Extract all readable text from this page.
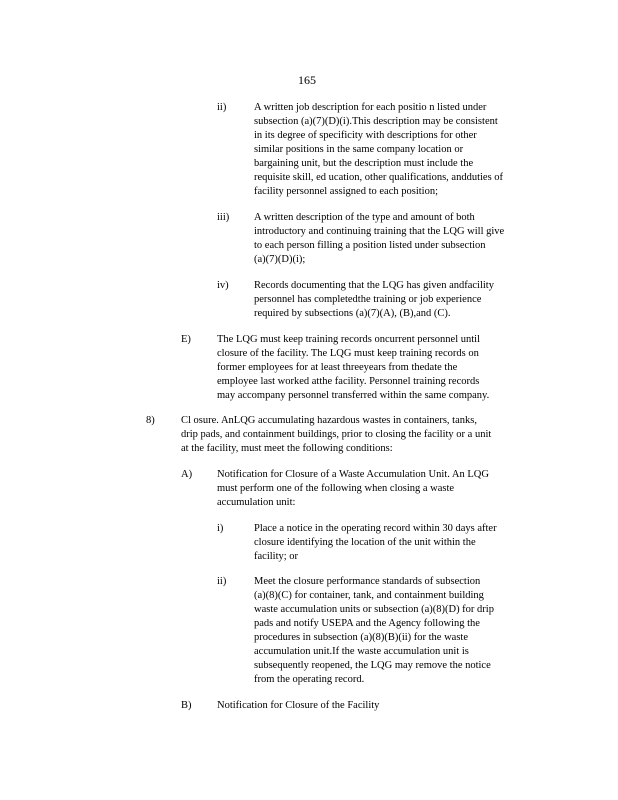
165
ii)	A written job description for each positio n listed under
subsection (a)(7)(D)(i).This description may be consistent
in its degree of specificity with descriptions for other
similar positions in the same company location or
bargaining unit, but the description must include the
requisite skill, ed ucation, other qualifications, andduties of
facility personnel assigned to each position;
iii) A written description of the type and amount of both
introductory and continuing training that the LQG will give
to each person filling a position listed under subsection
(a)(7)(D)(i);
iv) Records documenting that the LQG has given andfacility
personnel has completedthe training or job experience
required by subsections (a)(7)(A), (B),and (C).
E) The LQG must keep training records oncurrent personnel until
closure of the facility. The LQG must keep training records on
former employees for at least threeyears from thedate the
employee last worked atthe facility. Personnel training records
may accompany personnel transferred within the same company.
8)	Cl osure. AnLQG accumulating hazardous wastes in containers, tanks,
drip pads, and containment buildings, prior to closing the facility or a unit
at the facility, must meet the following conditions:
A) Notification for Closure of a Waste Accumulation Unit. An LQG
must perform one of the following when closing a waste
accumulation unit:
i)	Place a notice in the operating record within 30 days after
closure identifying the location of the unit within the
facility; or
ii)	Meet the closure performance standards of subsection
(a)(8)(C) for container, tank, and containment building
waste accumulation units or subsection (a)(8)(D) for drip
pads and notify USEPA and the Agency following the
procedures in subsection (a)(8)(B)(ii) for the waste
accumulation unit.If the waste accumulation unit is
subsequently reopened, the LQG may remove the notice
from the operating record.
B) Notification for Closure of the Facility
